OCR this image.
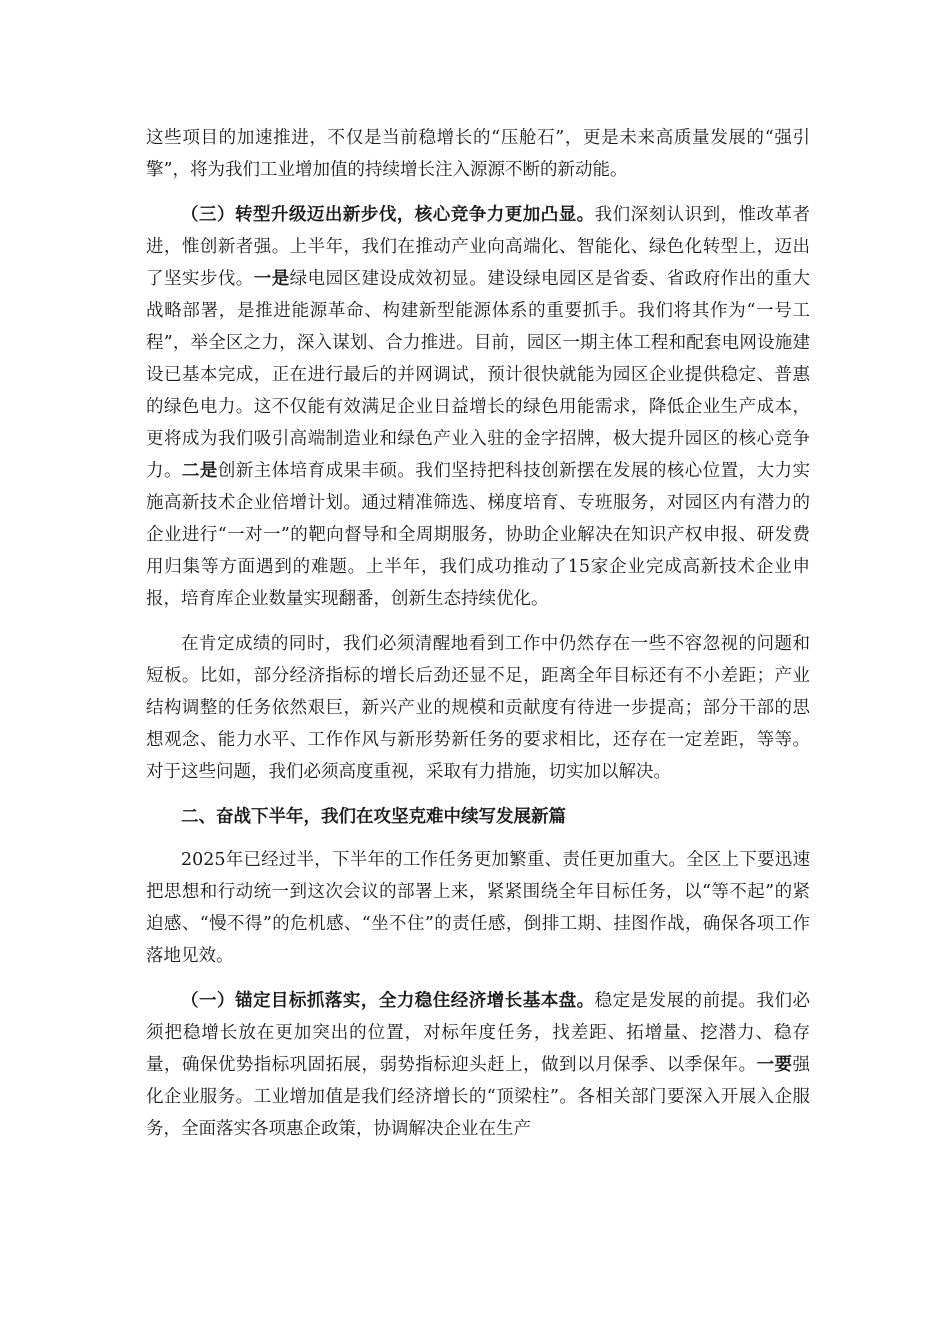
这些项目的加速推进，不仅是当前稳增长的“压舱石”，更是未来高质量发展的“强引擎”，将为我们工业增加值的持续增长注入源源不断的新动能。

（三）转型升级迈出新步伐，核心竞争力更加凸显。我们深刻认识到，惟改革者进，惟创新者强。上半年，我们在推动产业向高端化、智能化、绿色化转型上，迈出了坚实步伐。一是绿电园区建设成效初显。建设绿电园区是省委、省政府作出的重大战略部署，是推进能源革命、构建新型能源体系的重要抓手。我们将其作为“一号工程”，举全区之力，深入谋划、合力推进。目前，园区一期主体工程和配套电网设施建设已基本完成，正在进行最后的并网调试，预计很快就能为园区企业提供稳定、普惠的绿色电力。这不仅能有效满足企业日益增长的绿色用能需求，降低企业生产成本，更将成为我们吸引高端制造业和绿色产业入驻的金字招牌，极大提升园区的核心竞争力。二是创新主体培育成果丰硕。我们坚持把科技创新摆在发展的核心位置，大力实施高新技术企业倍增计划。通过精准筛选、梯度培育、专班服务，对园区内有潜力的企业进行“一对一”的靶向督导和全周期服务，协助企业解决在知识产权申报、研发费用归集等方面遇到的难题。上半年，我们成功推动了15家企业完成高新技术企业申报，培育库企业数量实现翻番，创新生态持续优化。

在肯定成绩的同时，我们必须清醒地看到工作中仍然存在一些不容忽视的问题和短板。比如，部分经济指标的增长后劲还显不足，距离全年目标还有不小差距；产业结构调整的任务依然艰巨，新兴产业的规模和贡献度有待进一步提高；部分干部的思想观念、能力水平、工作作风与新形势新任务的要求相比，还存在一定差距，等等。对于这些问题，我们必须高度重视，采取有力措施，切实加以解决。

二、奋战下半年，我们在攻坚克难中续写发展新篇

2025年已经过半，下半年的工作任务更加繁重、责任更加重大。全区上下要迅速把思想和行动统一到这次会议的部署上来，紧紧围绕全年目标任务，以“等不起”的紧迫感、“慢不得”的危机感、“坐不住”的责任感，倒排工期、挂图作战，确保各项工作落地见效。

（一）锚定目标抓落实，全力稳住经济增长基本盘。稳定是发展的前提。我们必须把稳增长放在更加突出的位置，对标年度任务，找差距、拓增量、挖潜力、稳存量，确保优势指标巩固拓展，弱势指标迎头赶上，做到以月保季、以季保年。一要强化企业服务。工业增加值是我们经济增长的“顶梁柱”。各相关部门要深入开展入企服务，全面落实各项惠企政策，协调解决企业在生产
